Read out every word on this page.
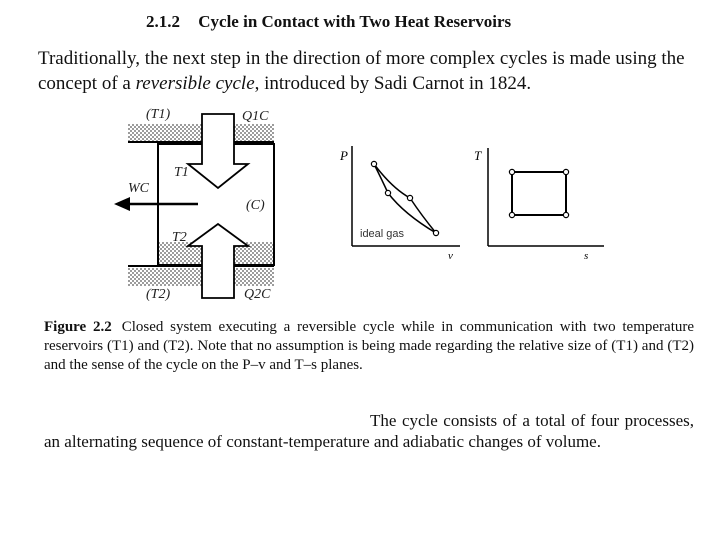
2.1.2 Cycle in Contact with Two Heat Reservoirs
Traditionally, the next step in the direction of more complex cycles is made using the concept of a reversible cycle, introduced by Sadi Carnot in 1824.
(T1)	Q1C
T1
WC
(C)
T2
(T2)	Q2C
P
v
ideal gas
T
s
Figure 2.2 Closed system executing a reversible cycle while in communication with two temperature reservoirs (T1) and (T2). Note that no assumption is being made regarding the relative size of (T1) and (T2) and the sense of the cycle on the P–v and T–s planes.
The cycle consists of a total of four processes, an alternating sequence of constant-temperature and adiabatic changes of volume.
